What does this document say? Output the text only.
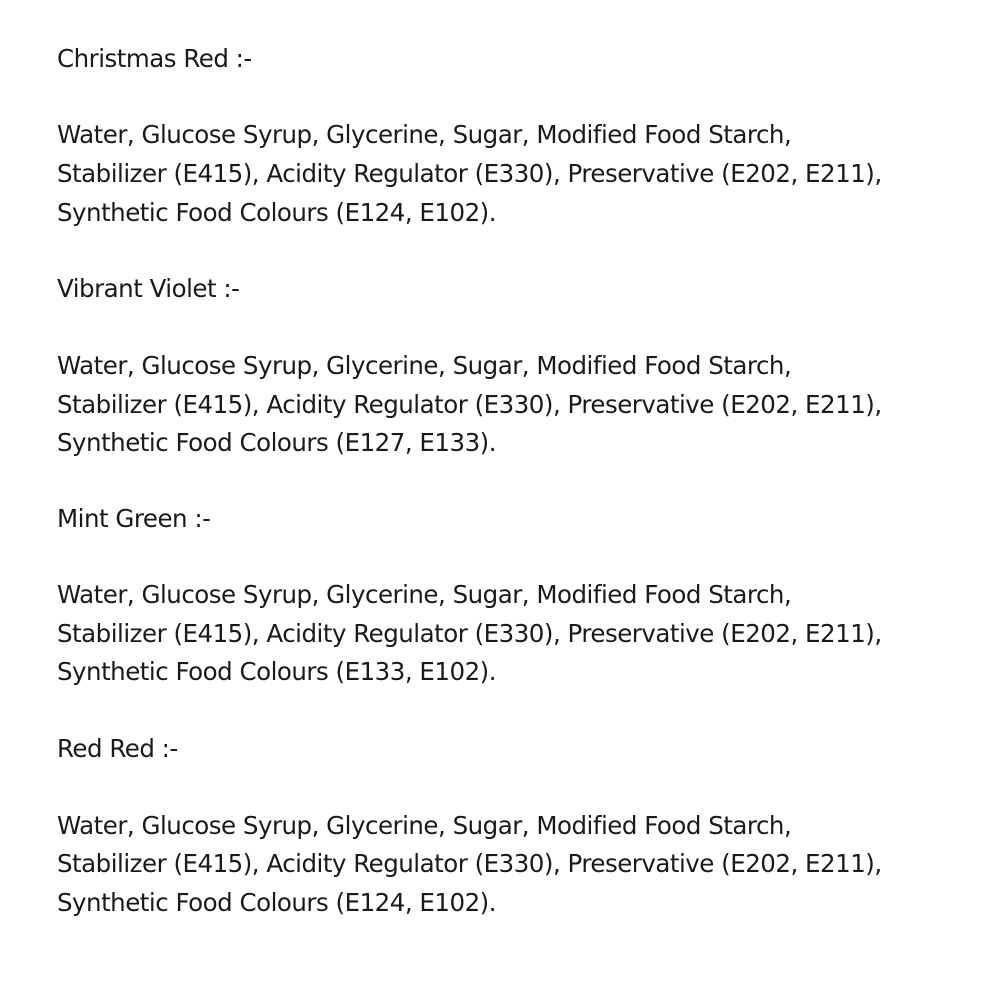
Christmas Red :-
Water, Glucose Syrup, Glycerine, Sugar, Modified Food Starch,
Stabilizer (E415), Acidity Regulator (E330), Preservative (E202, E211),
Synthetic Food Colours (E124, E102).
Vibrant Violet :-
Water, Glucose Syrup, Glycerine, Sugar, Modified Food Starch,
Stabilizer (E415), Acidity Regulator (E330), Preservative (E202, E211),
Synthetic Food Colours (E127, E133).
Mint Green :-
Water, Glucose Syrup, Glycerine, Sugar, Modified Food Starch,
Stabilizer (E415), Acidity Regulator (E330), Preservative (E202, E211),
Synthetic Food Colours (E133, E102).
Red Red :-
Water, Glucose Syrup, Glycerine, Sugar, Modified Food Starch,
Stabilizer (E415), Acidity Regulator (E330), Preservative (E202, E211),
Synthetic Food Colours (E124, E102).
